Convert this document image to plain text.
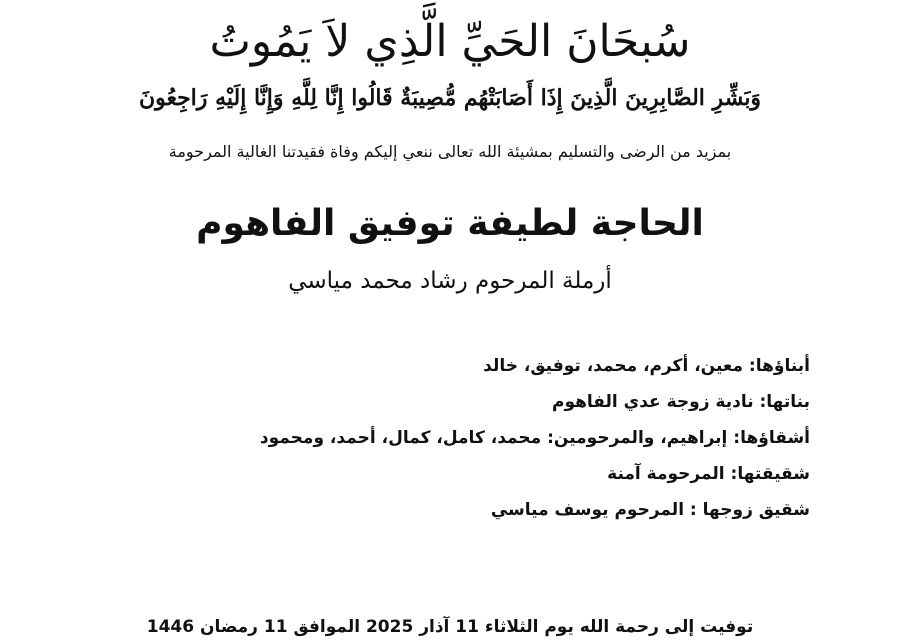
سُبحَانَ الحَيِّ الَّذِي لاَ يَمُوتُ
وَبَشِّرِ الصَّابِرِينَ الَّذِينَ إِذَا أَصَابَتْهُم مُّصِيبَةٌ قَالُوا إِنَّا لِلَّهِ وَإِنَّا إِلَيْهِ رَاجِعُونَ
بمزيد من الرضى والتسليم بمشيئة الله تعالى ننعي إليكم وفاة فقيدتنا الغالية المرحومة
الحاجة لطيفة توفيق الفاهوم
أرملة المرحوم رشاد محمد مياسي
أبناؤها: معين، أكرم، محمد، توفيق، خالد
بناتها: نادية زوجة عدي الفاهوم
أشقاؤها: إبراهيم، والمرحومين: محمد، كامل، كمال، أحمد، ومحمود
شقيقتها: المرحومة آمنة
شقيق زوجها : المرحوم يوسف مياسي
توفيت إلى رحمة الله يوم الثلاثاء 11 آذار 2025 الموافق 11 رمضان 1446
